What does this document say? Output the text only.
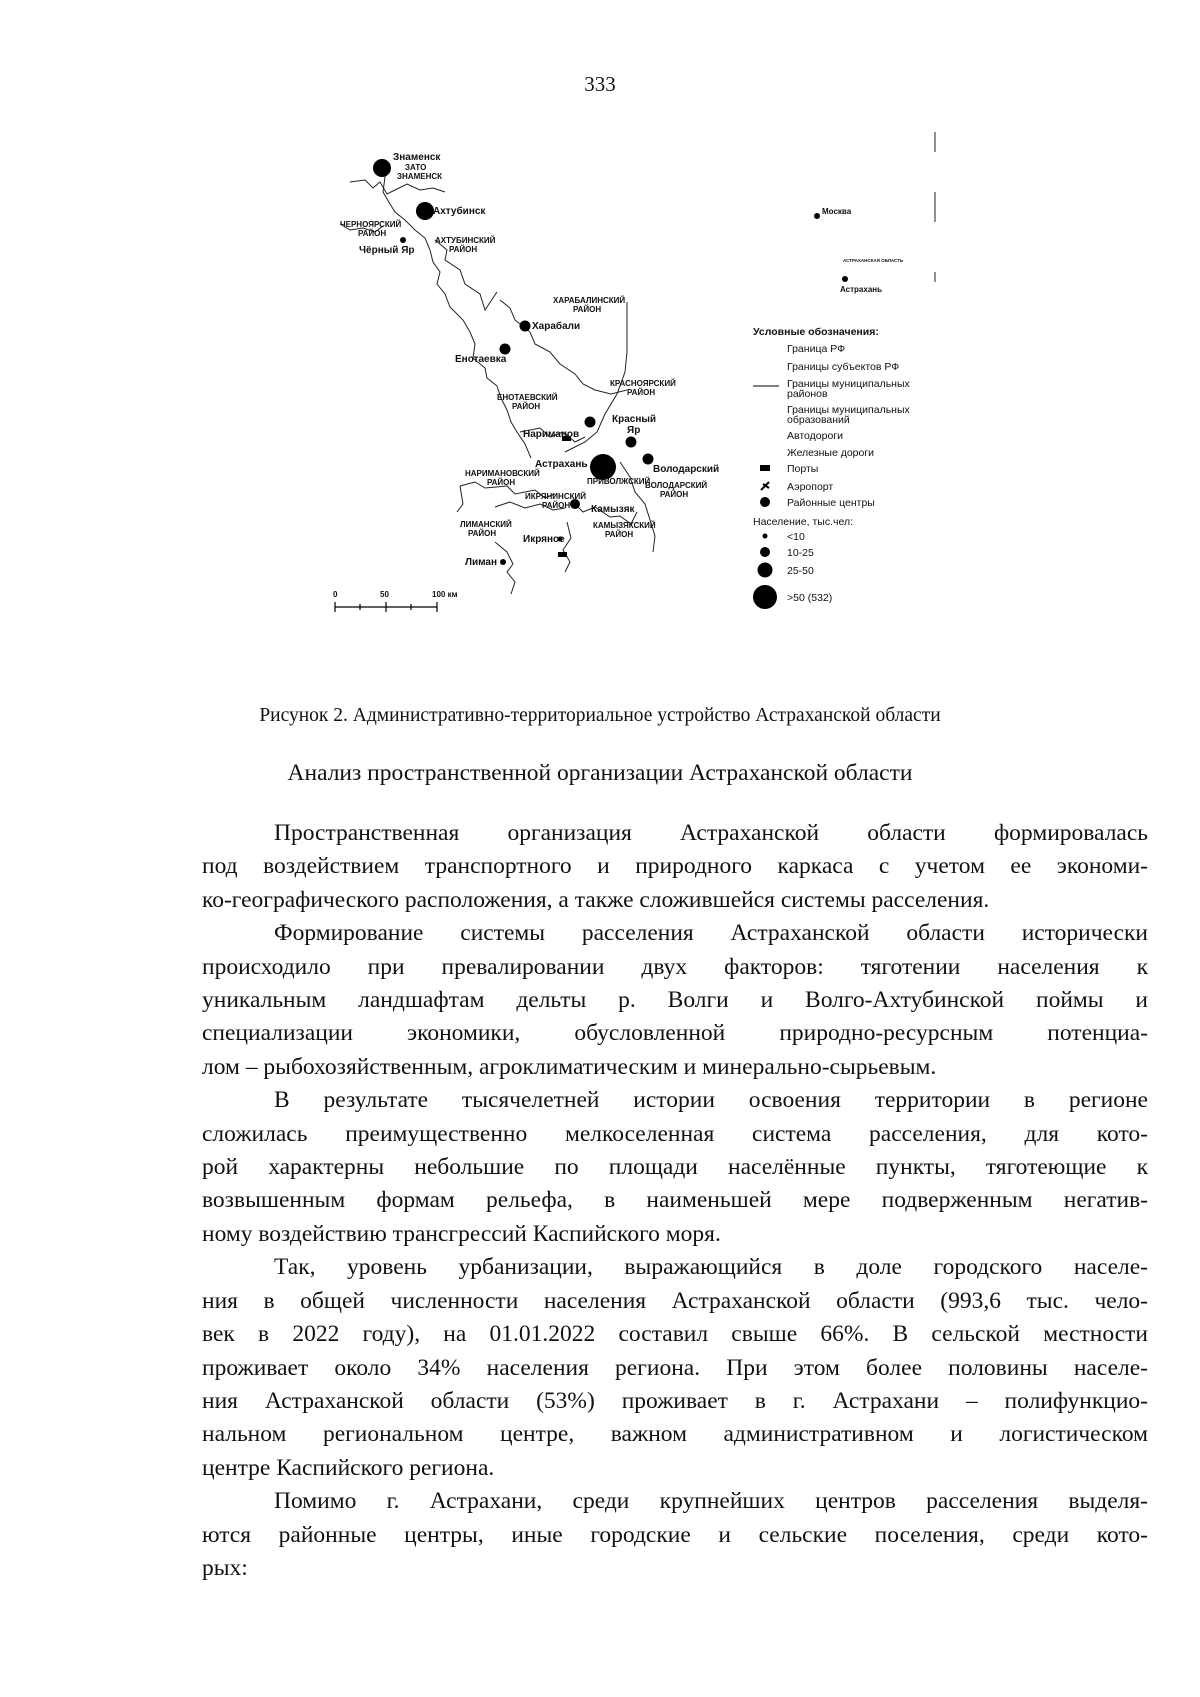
333
Знаменск
ЗАТО
ЗНАМЕНСК
Ахтубинск
Чёрный Яр
Харабали
Енотаевка
Красный
Яр
Нариманов
Астрахань	Володарский
Камызяк
Икряное
Лиман
ПРИВОЛЖСКИЙ
Москва
Астрахань
АСТРАХАНСКАЯ ОБЛАСТЬ
ЧЕРНОЯРСКИЙ
РАЙОН
АХТУБИНСКИЙ
РАЙОН
ХАРАБАЛИНСКИЙ
РАЙОН
КРАСНОЯРСКИЙ
РАЙОН
ЕНОТАЕВСКИЙ
РАЙОН
НАРИМАНОВСКИЙ
РАЙОН	ВОЛОДАРСКИЙ
РАЙОН
ИКРЯНИНСКИЙ
РАЙОН
КАМЫЗЯКСКИЙ
РАЙОН
ЛИМАНСКИЙ
РАЙОН
0	50	100 км
Условные обозначения:
Граница РФ
Границы субъектов РФ
Границы муниципальных
районов
Границы муниципальных
образований
Автодороги
Железные дороги
Порты
Аэропорт
Районные центры
Население, тыс.чел:
<10
10-25
25-50
>50 (532)
Рисунок 2. Административно-территориальное устройство Астраханской области
Анализ пространственной организации Астраханской области

Пространственная организация Астраханской области формировалась

под воздействием транспортного и природного каркаса с учетом ее экономи-

ко-географического расположения, а также сложившейся системы расселения.

Формирование системы расселения Астраханской области исторически

происходило при превалировании двух факторов: тяготении населения к

уникальным ландшафтам дельты р. Волги и Волго-Ахтубинской поймы и

специализации экономики, обусловленной природно-ресурсным потенциа-

лом – рыбохозяйственным, агроклиматическим и минерально-сырьевым.

В результате тысячелетней истории освоения территории в регионе

сложилась преимущественно мелкоселенная система расселения, для кото-

рой характерны небольшие по площади населённые пункты, тяготеющие к

возвышенным формам рельефа, в наименьшей мере подверженным негатив-

ному воздействию трансгрессий Каспийского моря.

Так, уровень урбанизации, выражающийся в доле городского населе-

ния в общей численности населения Астраханской области (993,6 тыс. чело-

век в 2022 году), на 01.01.2022 составил свыше 66%. В сельской местности

проживает около 34% населения региона. При этом более половины населе-

ния Астраханской области (53%) проживает в г. Астрахани – полифункцио-

нальном региональном центре, важном административном и логистическом

центре Каспийского региона.

Помимо г. Астрахани, среди крупнейших центров расселения выделя-

ются районные центры, иные городские и сельские поселения, среди кото-

рых:
